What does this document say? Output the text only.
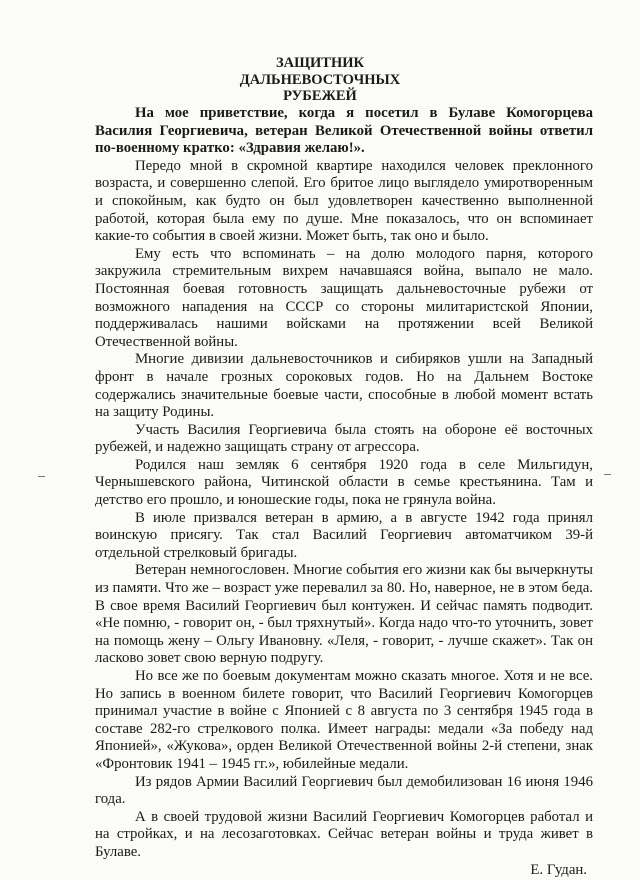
ЗАЩИТНИК
ДАЛЬНЕВОСТОЧНЫХ
РУБЕЖЕЙ

На мое приветствие, когда я посетил в Булаве Комогорцева Василия Георгиевича, ветеран Великой Отечественной войны ответил по-военному кратко: «Здравия желаю!».

Передо мной в скромной квартире находился человек преклонного возраста, и совершенно слепой. Его бритое лицо выглядело умиротворенным и спокойным, как будто он был удовлетворен качественно выполненной работой, которая была ему по душе. Мне показалось, что он вспоминает какие-то события в своей жизни. Может быть, так оно и было.

Ему есть что вспоминать – на долю молодого парня, которого закружила стремительным вихрем начавшаяся война, выпало не мало. Постоянная боевая готовность защищать дальневосточные рубежи от возможного нападения на СССР со стороны милитаристской Японии, поддерживалась нашими войсками на протяжении всей Великой Отечественной войны.

Многие дивизии дальневосточников и сибиряков ушли на Западный фронт в начале грозных сороковых годов. Но на Дальнем Востоке содержались значительные боевые части, способные в любой момент встать на защиту Родины.

Участь Василия Георгиевича была стоять на обороне её восточных рубежей, и надежно защищать страну от агрессора.

Родился наш земляк 6 сентября 1920 года в селе Мильгидун, Чернышевского района, Читинской области в семье крестьянина. Там и детство его прошло, и юношеские годы, пока не грянула война.

В июле призвался ветеран в армию, а в августе 1942 года принял воинскую присягу. Так стал Василий Георгиевич автоматчиком 39-й отдельной стрелковый бригады.

Ветеран немногословен. Многие события его жизни как бы вычеркнуты из памяти. Что же – возраст уже перевалил за 80. Но, наверное, не в этом беда. В свое время Василий Георгиевич был контужен. И сейчас память подводит. «Не помню, - говорит он, - был тряхнутый». Когда надо что-то уточнить, зовет на помощь жену – Ольгу Ивановну. «Леля, - говорит, - лучше скажет». Так он ласково зовет свою верную подругу.

Но все же по боевым документам можно сказать многое. Хотя и не все. Но запись в военном билете говорит, что Василий Георгиевич Комогорцев принимал участие в войне с Японией с 8 августа по 3 сентября 1945 года в составе 282-го стрелкового полка. Имеет награды: медали «За победу над Японией», «Жукова», орден Великой Отечественной войны 2-й степени, знак «Фронтовик 1941 – 1945 гг.», юбилейные медали.

Из рядов Армии Василий Георгиевич был демобилизован 16 июня 1946 года.

А в своей трудовой жизни Василий Георгиевич Комогорцев работал и на стройках, и на лесозаготовках. Сейчас ветеран войны и труда живет в Булаве.

Е. Гудан.
